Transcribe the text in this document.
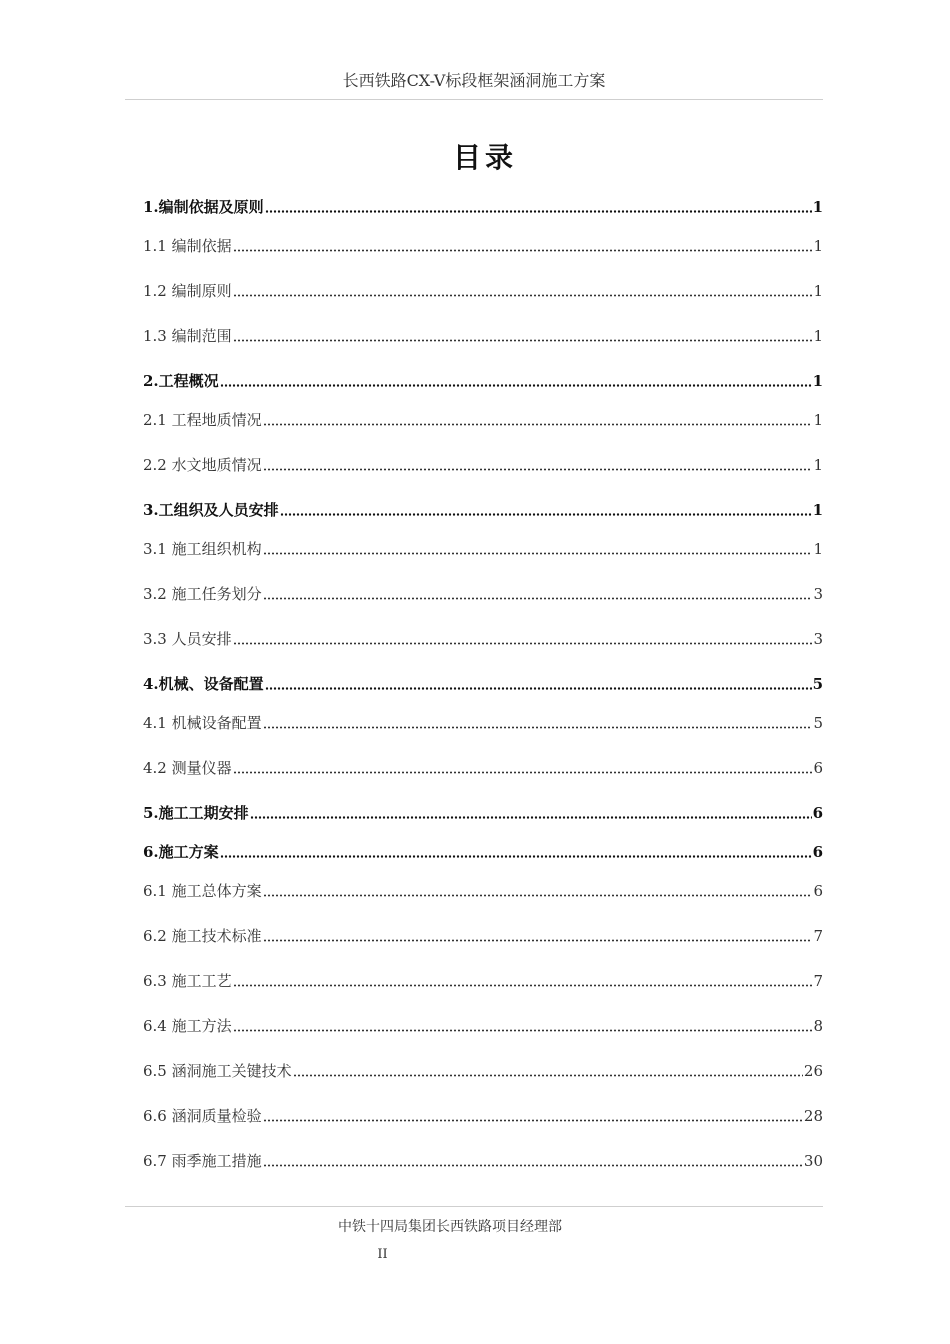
长西铁路CX-V标段框架涵洞施工方案
目录
1.编制依据及原则	1
1.1 编制依据	1
1.2 编制原则	1
1.3 编制范围	1
2.工程概况	1
2.1 工程地质情况	1
2.2 水文地质情况	1
3.工组织及人员安排	1
3.1 施工组织机构	1
3.2 施工任务划分	3
3.3 人员安排	3
4.机械、设备配置	5
4.1 机械设备配置	5
4.2 测量仪器	6
5.施工工期安排	6
6.施工方案	6
6.1 施工总体方案	6
6.2 施工技术标准	7
6.3 施工工艺	7
6.4 施工方法	8
6.5 涵洞施工关键技术	26
6.6 涵洞质量检验	28
6.7 雨季施工措施	30
中铁十四局集团长西铁路项目经理部
II
